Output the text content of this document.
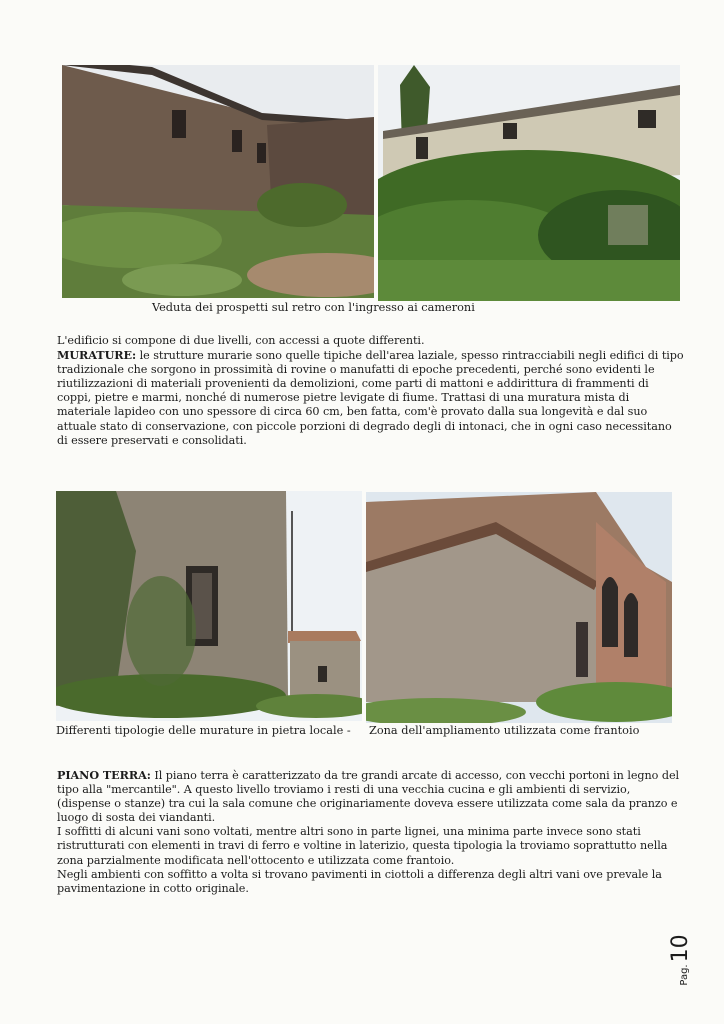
Veduta dei prospetti sul retro con l'ingresso ai cameroni
L'edificio si compone di due livelli, con accessi a quote differenti.
MURATURE: le strutture murarie sono quelle tipiche dell'area laziale, spesso rintracciabili negli edifici di tipo
tradizionale che sorgono in prossimità di rovine o manufatti di epoche precedenti, perché sono evidenti le
riutilizzazioni di materiali provenienti da demolizioni, come parti di mattoni e addirittura di frammenti di
coppi, pietre e marmi, nonché di numerose pietre levigate di fiume. Trattasi di una muratura mista di
materiale lapideo con uno spessore di circa 60 cm, ben fatta, com'è provato dalla sua longevità e dal suo
attuale stato di conservazione, con piccole porzioni di degrado degli di intonaci, che in ogni caso necessitano
di essere preservati e consolidati.
Differenti tipologie delle murature in pietra locale - Zona dell'ampliamento utilizzata come frantoio
PIANO TERRA: Il piano terra è caratterizzato da tre grandi arcate di accesso, con vecchi portoni in legno del
tipo alla "mercantile". A questo livello troviamo i resti di una vecchia cucina e gli ambienti di servizio,
(dispense o stanze) tra cui la sala comune che originariamente doveva essere utilizzata come sala da pranzo e
luogo di sosta dei viandanti.
I soffitti di alcuni vani sono voltati, mentre altri sono in parte lignei, una minima parte invece sono stati
ristrutturati con elementi in travi di ferro e voltine in laterizio, questa tipologia la troviamo soprattutto nella
zona parzialmente modificata nell'ottocento e utilizzata come frantoio.
Negli ambienti con soffitto a volta si trovano pavimenti in ciottoli a differenza degli altri vani ove prevale la
pavimentazione in cotto originale.
Pag.
10
